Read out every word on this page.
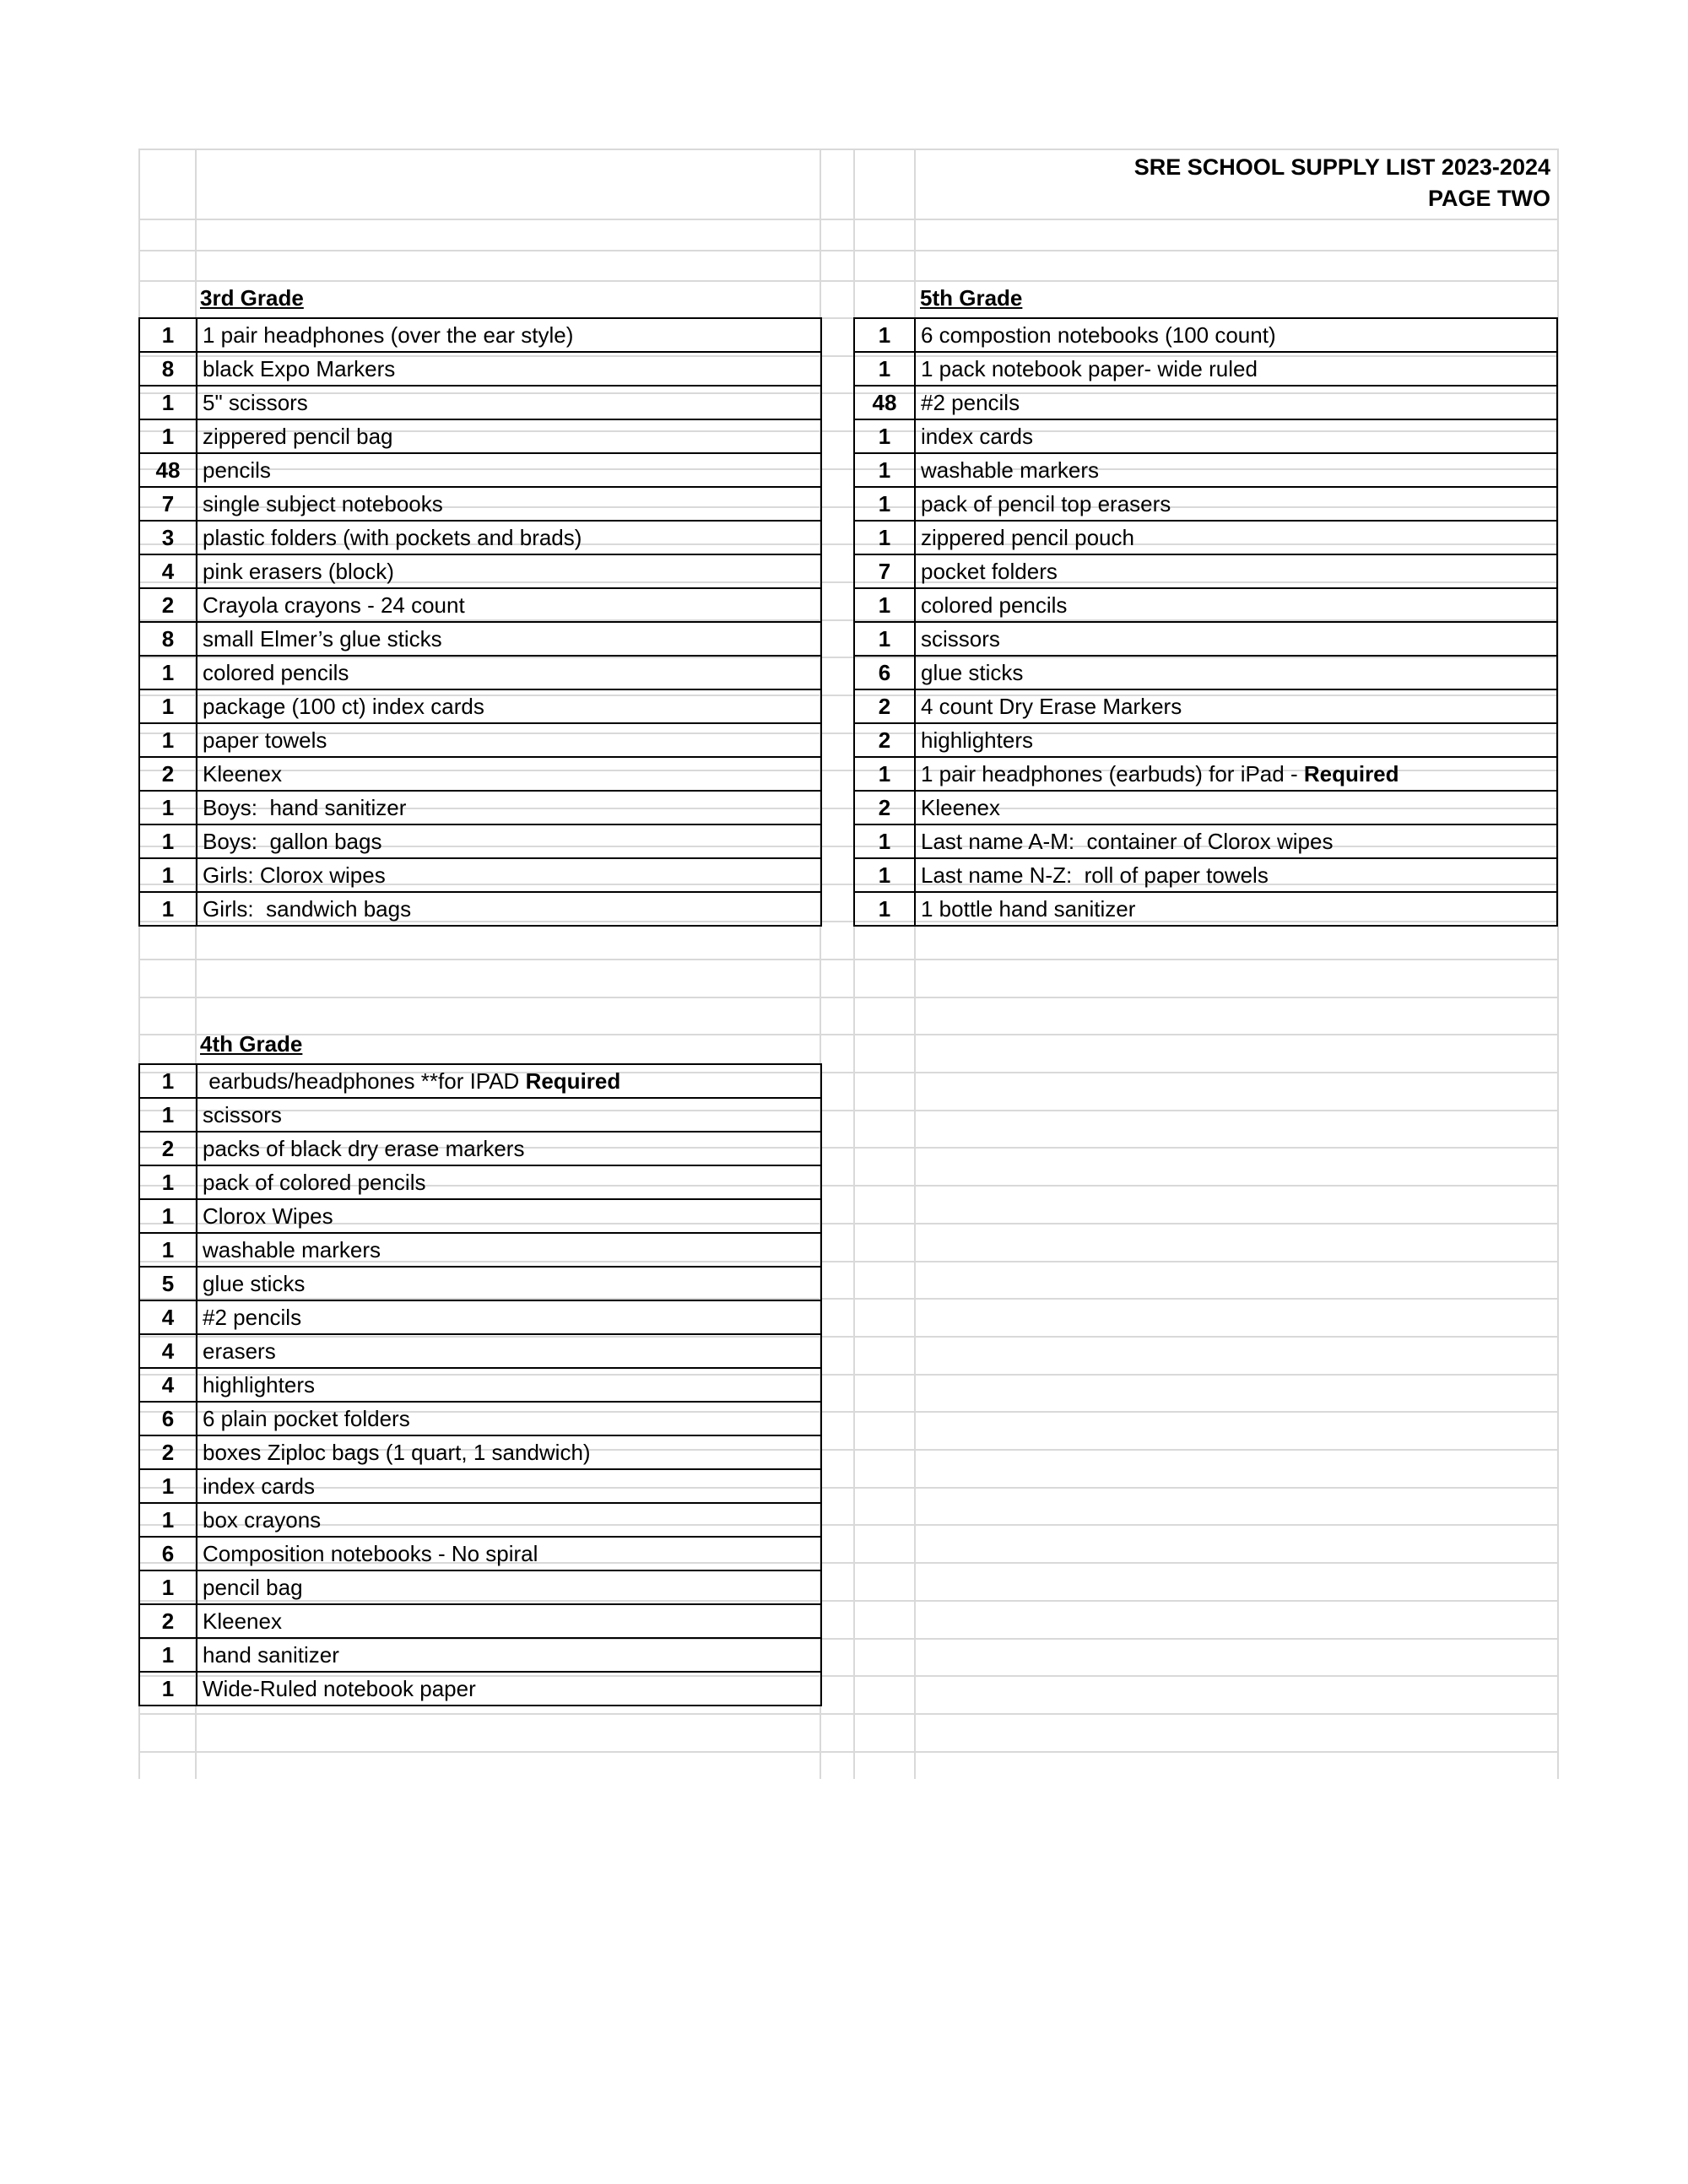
SRE SCHOOL SUPPLY LIST 2023-2024
PAGE TWO
3rd Grade
1	1 pair headphones (over the ear style)
8	black Expo Markers
1	5" scissors
1	zippered pencil bag
48	pencils
7	single subject notebooks
3	plastic folders (with pockets and brads)
4	pink erasers (block)
2	Crayola crayons - 24 count
8	small Elmer’s glue sticks
1	colored pencils
1	package (100 ct) index cards
1	paper towels
2	Kleenex
1	Boys:  hand sanitizer
1	Boys:  gallon bags
1	Girls: Clorox wipes
1	Girls:  sandwich bags
5th Grade
1	6 compostion notebooks (100 count)
1	1 pack notebook paper- wide ruled
48	#2 pencils
1	index cards
1	washable markers
1	pack of pencil top erasers
1	zippered pencil pouch
7	pocket folders
1	colored pencils
1	scissors
6	glue sticks
2	4 count Dry Erase Markers
2	highlighters
1	1 pair headphones (earbuds) for iPad - Required
2	Kleenex
1	Last name A-M:  container of Clorox wipes
1	Last name N-Z:  roll of paper towels
1	1 bottle hand sanitizer
4th Grade
1	earbuds/headphones **for IPAD Required
1	scissors
2	packs of black dry erase markers
1	pack of colored pencils
1	Clorox Wipes
1	washable markers
5	glue sticks
4	#2 pencils
4	erasers
4	highlighters
6	6 plain pocket folders
2	boxes Ziploc bags (1 quart, 1 sandwich)
1	index cards
1	box crayons
6	Composition notebooks - No spiral
1	pencil bag
2	Kleenex
1	hand sanitizer
1	Wide-Ruled notebook paper
